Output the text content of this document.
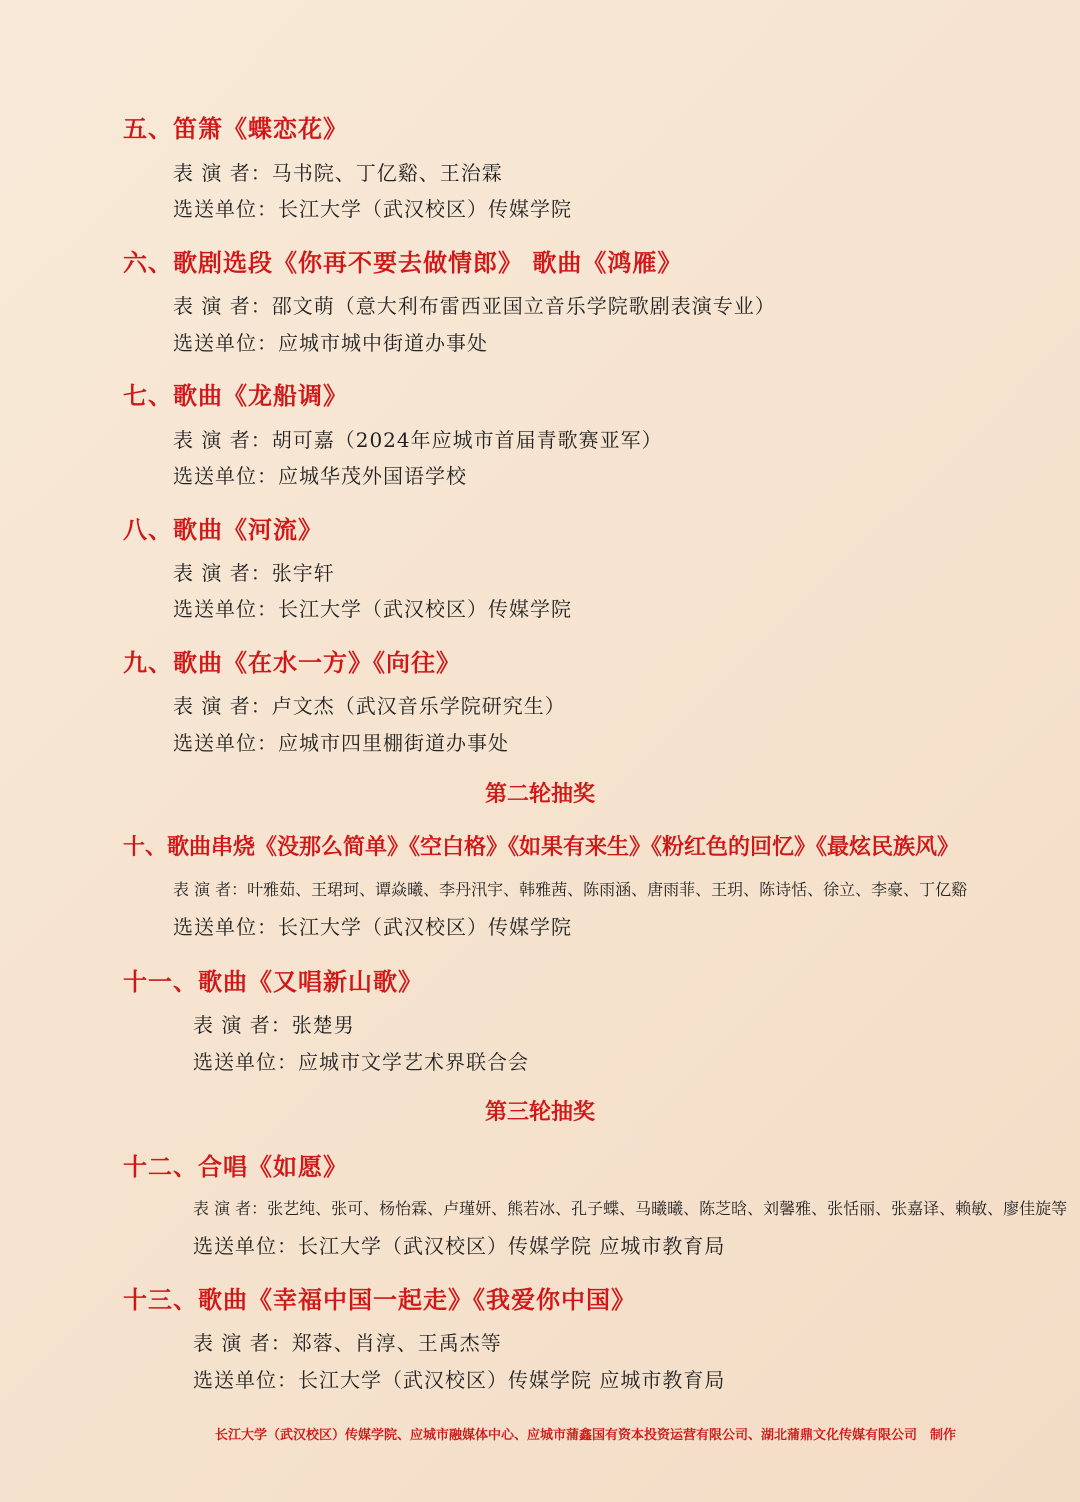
五、笛箫《蝶恋花》
表 演 者：马书院、丁亿谿、王治霖
选送单位：长江大学（武汉校区）传媒学院
六、歌剧选段《你再不要去做情郎》 歌曲《鸿雁》
表 演 者：邵文萌（意大利布雷西亚国立音乐学院歌剧表演专业）
选送单位：应城市城中街道办事处
七、歌曲《龙船调》
表 演 者：胡可嘉（2024年应城市首届青歌赛亚军）
选送单位：应城华茂外国语学校
八、歌曲《河流》
表 演 者：张宇轩
选送单位：长江大学（武汉校区）传媒学院
九、歌曲《在水一方》《向往》
表 演 者：卢文杰（武汉音乐学院研究生）
选送单位：应城市四里棚街道办事处
第二轮抽奖
十、歌曲串烧《没那么简单》《空白格》《如果有来生》《粉红色的回忆》《最炫民族风》
表 演 者：叶雅茹、王珺珂、谭焱曦、李丹汛宇、韩雅茜、陈雨涵、唐雨菲、王玥、陈诗恬、徐立、李豪、丁亿谿
选送单位：长江大学（武汉校区）传媒学院
十一、歌曲《又唱新山歌》
表 演 者：张楚男
选送单位：应城市文学艺术界联合会
第三轮抽奖
十二、合唱《如愿》
表 演 者：张艺纯、张可、杨怡霖、卢瑾妍、熊若冰、孔子蝶、马曦曦、陈芝晗、刘馨雅、张恬丽、张嘉译、赖敏、廖佳旋等
选送单位：长江大学（武汉校区）传媒学院 应城市教育局
十三、歌曲《幸福中国一起走》《我爱你中国》
表 演 者：郑蓉、肖淳、王禹杰等
选送单位：长江大学（武汉校区）传媒学院 应城市教育局
长江大学（武汉校区）传媒学院、应城市融媒体中心、应城市蒲鑫国有资本投资运营有限公司、湖北蒲鼎文化传媒有限公司　制作
